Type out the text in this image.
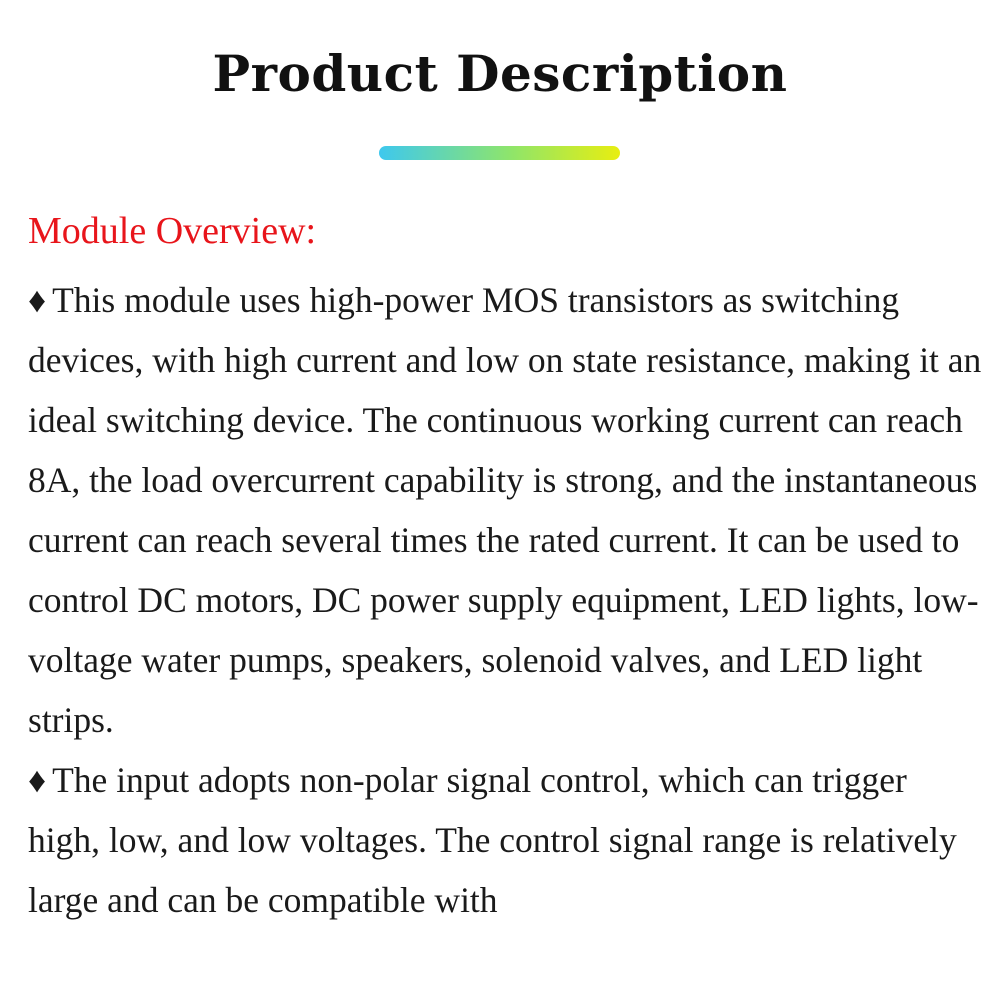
Product Description
Module Overview:

♦ This module uses high-power MOS transistors as switching devices, with high current and low on state resistance, making it an ideal switching device. The continuous working current can reach 8A, the load overcurrent capability is strong, and the instantaneous current can reach several times the rated current. It can be used to control DC motors, DC power supply equipment, LED lights, low-voltage water pumps, speakers, solenoid valves, and LED light strips.

♦ The input adopts non-polar signal control, which can trigger high, low, and low voltages. The control signal range is relatively large and can be compatible with
